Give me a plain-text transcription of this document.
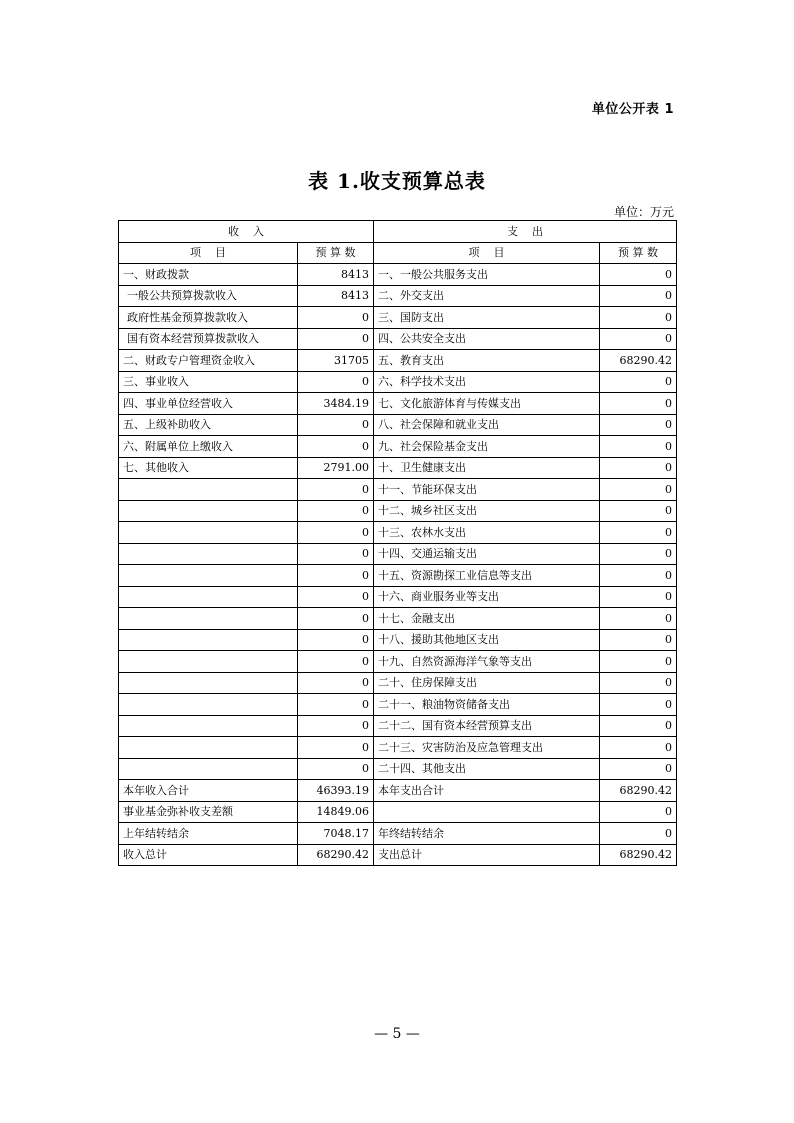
单位公开表 1
表 1.收支预算总表
单位：万元
收    入		支    出	
项    目	预 算 数	项    目	预 算 数
一、财政拨款	8413	一、一般公共服务支出	0
一般公共预算拨款收入	8413	二、外交支出	0
政府性基金预算拨款收入	0	三、国防支出	0
国有资本经营预算拨款收入	0	四、公共安全支出	0
二、财政专户管理资金收入	31705	五、教育支出	68290.42
三、事业收入	0	六、科学技术支出	0
四、事业单位经营收入	3484.19	七、文化旅游体育与传媒支出	0
五、上级补助收入	0	八、社会保障和就业支出	0
六、附属单位上缴收入	0	九、社会保险基金支出	0
七、其他收入	2791.00	十、卫生健康支出	0
	0	十一、节能环保支出	0
	0	十二、城乡社区支出	0
	0	十三、农林水支出	0
	0	十四、交通运输支出	0
	0	十五、资源勘探工业信息等支出	0
	0	十六、商业服务业等支出	0
	0	十七、金融支出	0
	0	十八、援助其他地区支出	0
	0	十九、自然资源海洋气象等支出	0
	0	二十、住房保障支出	0
	0	二十一、粮油物资储备支出	0
	0	二十二、国有资本经营预算支出	0
	0	二十三、灾害防治及应急管理支出	0
	0	二十四、其他支出	0
本年收入合计	46393.19	本年支出合计	68290.42
事业基金弥补收支差额	14849.06		0
上年结转结余	7048.17	年终结转结余	0
收入总计	68290.42	支出总计	68290.42
— 5 —
